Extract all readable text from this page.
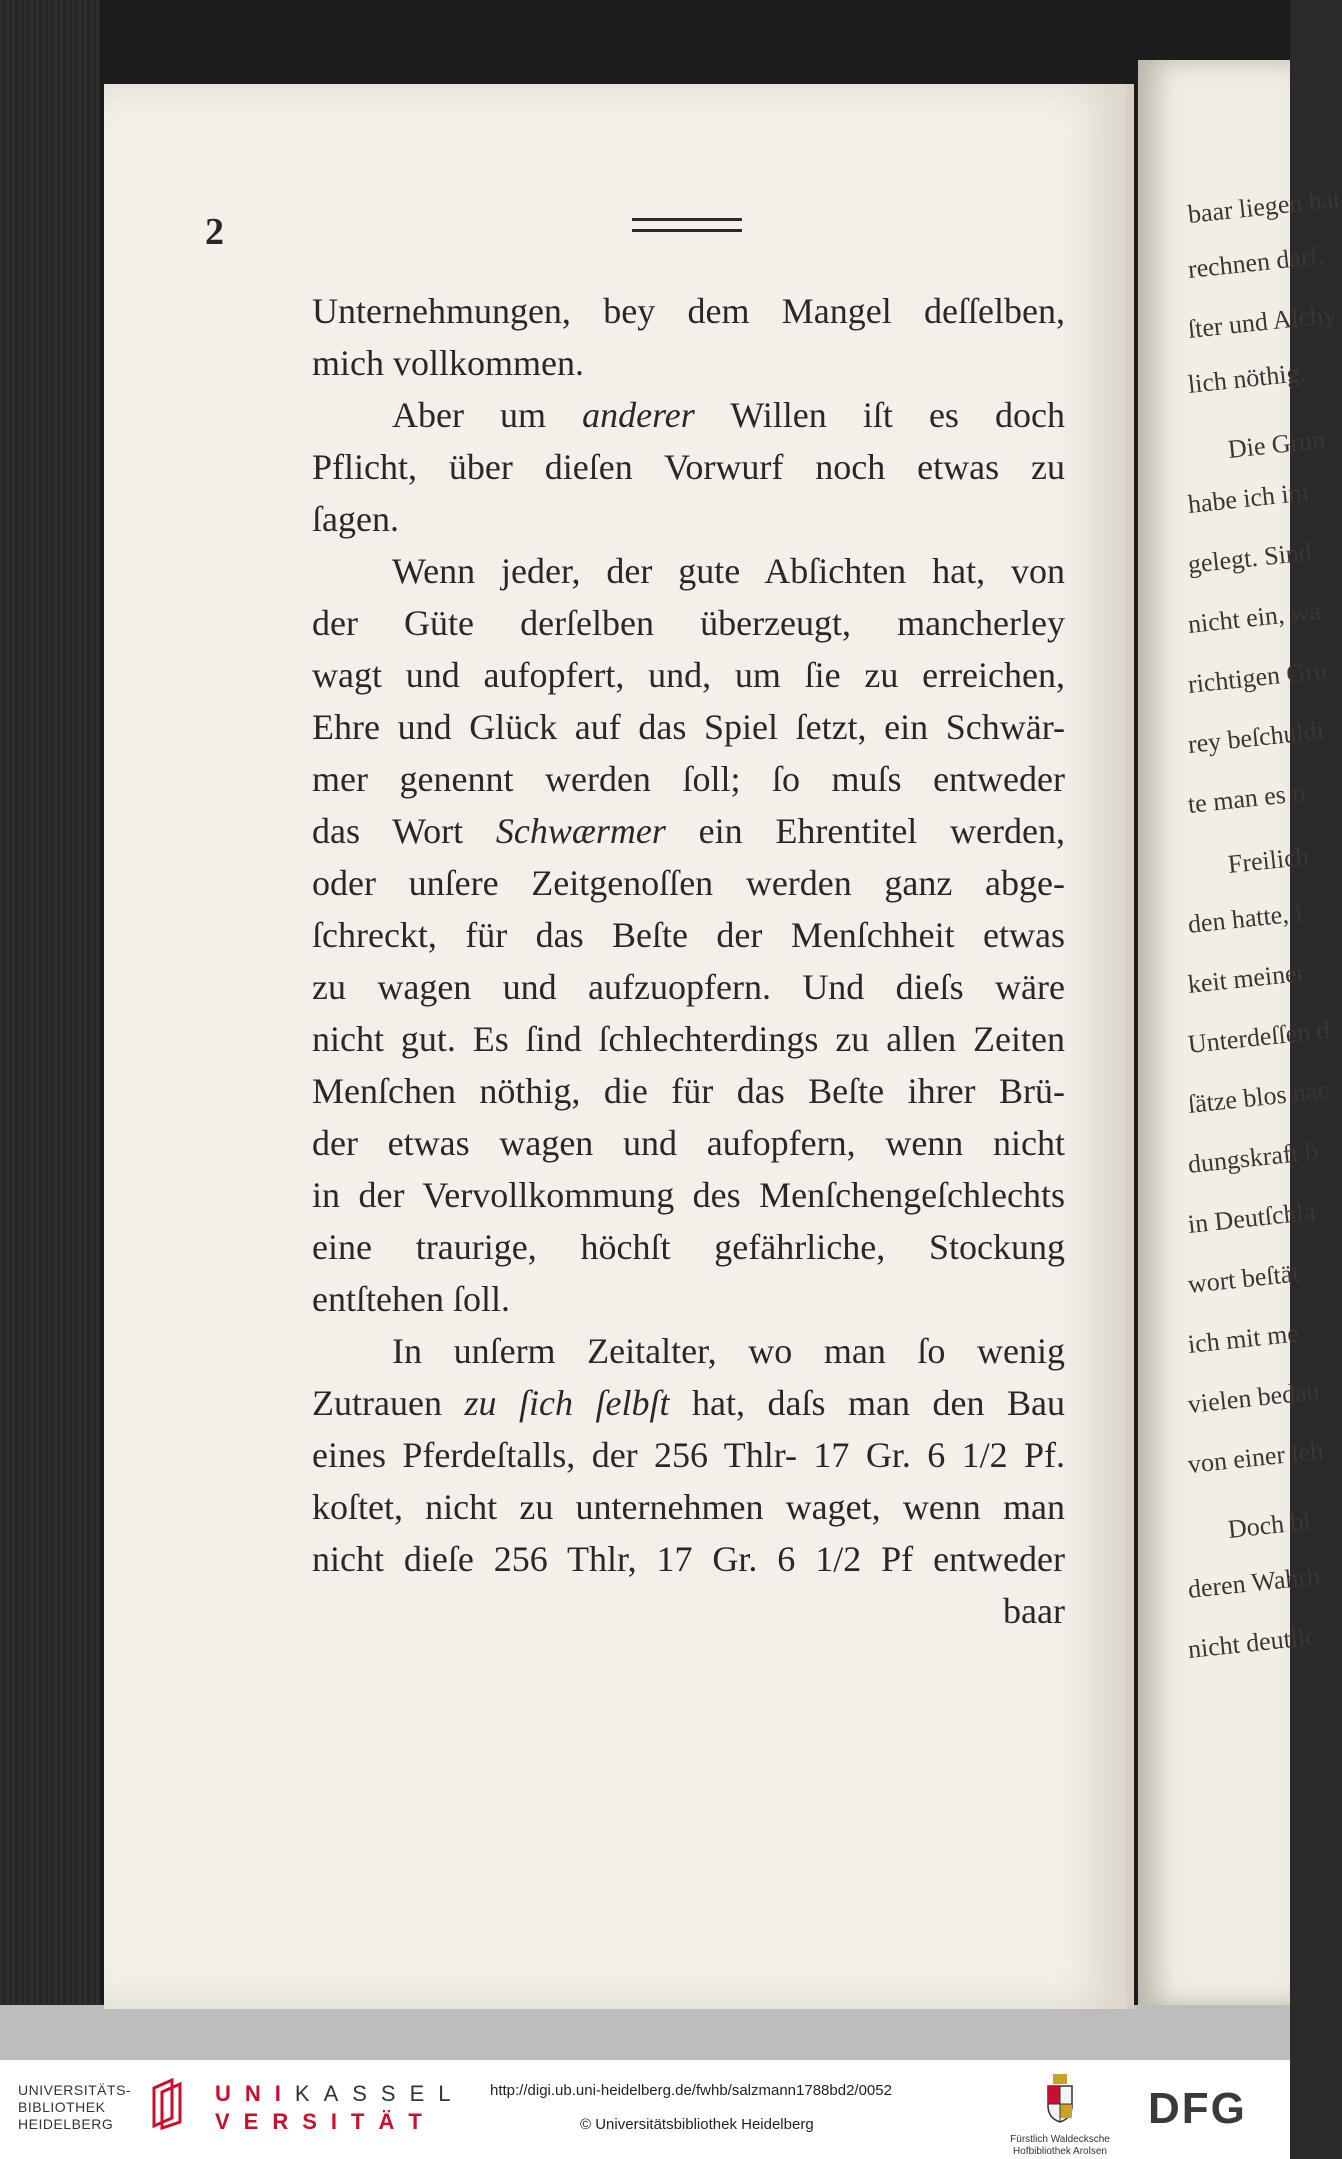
baar liegen hat
rechnen darf,
ſter und Alchy
lich nöthig.
Die Grun
habe ich im
gelegt. Sind
nicht ein, wa
richtigen Gru
rey beſchuldi
te man es n
Freilich
den hatte, i
keit meiner
Unterdeſſen d
ſätze blos nac
dungskraft b
in Deutſchla
wort beſtät
ich mit me
vielen bedau
von einer ſeh
Doch bi
deren Wahrh
nicht deutlic
2
Unternehmungen, bey dem Mangel deſſelben,
mich vollkommen.
Aber um anderer Willen iſt es doch
Pflicht, über dieſen Vorwurf noch etwas zu
ſagen.
Wenn jeder, der gute Abſichten hat, von
der Güte derſelben überzeugt, mancherley
wagt und aufopfert, und, um ſie zu erreichen,
Ehre und Glück auf das Spiel ſetzt, ein Schwär-
mer genennt werden ſoll; ſo muſs entweder
das Wort Schwærmer ein Ehrentitel werden,
oder unſere Zeitgenoſſen werden ganz abge-
ſchreckt, für das Beſte der Menſchheit etwas
zu wagen und aufzuopfern. Und dieſs wäre
nicht gut. Es ſind ſchlechterdings zu allen Zeiten
Menſchen nöthig, die für das Beſte ihrer Brü-
der etwas wagen und aufopfern, wenn nicht
in der Vervollkommung des Menſchengeſchlechts
eine traurige, höchſt gefährliche, Stockung
entſtehen ſoll.
In unſerm Zeitalter, wo man ſo wenig
Zutrauen zu ſich ſelbſt hat, daſs man den Bau
eines Pferdeſtalls, der 256 Thlr- 17 Gr. 6 1/2 Pf.
koſtet, nicht zu unternehmen waget, wenn man
nicht dieſe 256 Thlr, 17 Gr. 6 1/2 Pf entweder
baar
UNIVERSITÄTS-
BIBLIOTHEK
HEIDELBERG
UNIKASSEL
VERSITÄT
http://digi.ub.uni-heidelberg.de/fwhb/salzmann1788bd2/0052
© Universitätsbibliothek Heidelberg
Fürstlich Waldecksche
Hofbibliothek Arolsen
DFG
